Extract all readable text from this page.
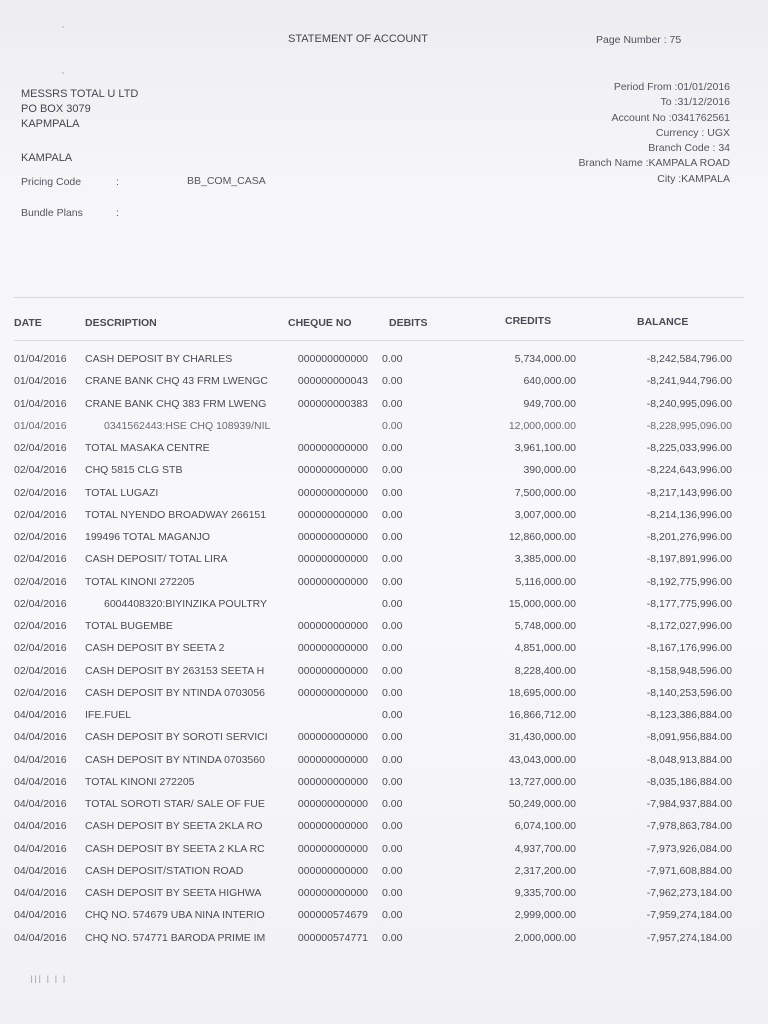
STATEMENT OF ACCOUNT	Page Number : 75
MESSRS TOTAL U LTD
PO BOX 3079
KAPMPALA
KAMPALA
Pricing Code	:	BB_COM_CASA
Bundle Plans	:
Period From :01/01/2016
To :31/12/2016
Account No :0341762561
Currency : UGX
Branch Code : 34
Branch Name :KAMPALA ROAD
City :KAMPALA
DATE	DESCRIPTION	CHEQUE NO	DEBITS	CREDITS	BALANCE
01/04/2016 CASH DEPOSIT BY CHARLES	000000000000 0.00	5,734,000.00	-8,242,584,796.00
01/04/2016 CRANE BANK CHQ 43 FRM LWENGC	000000000043 0.00	640,000.00	-8,241,944,796.00
01/04/2016 CRANE BANK CHQ 383 FRM LWENG	000000000383 0.00	949,700.00	-8,240,995,096.00
01/04/2016	0341562443:HSE CHQ 108939/NIL	0.00	12,000,000.00	-8,228,995,096.00
02/04/2016 TOTAL MASAKA CENTRE	000000000000 0.00	3,961,100.00	-8,225,033,996.00
02/04/2016 CHQ 5815 CLG STB	000000000000 0.00	390,000.00	-8,224,643,996.00
02/04/2016 TOTAL LUGAZI	000000000000 0.00	7,500,000.00	-8,217,143,996.00
02/04/2016 TOTAL NYENDO BROADWAY 266151	000000000000 0.00	3,007,000.00	-8,214,136,996.00
02/04/2016 199496 TOTAL MAGANJO	000000000000 0.00	12,860,000.00	-8,201,276,996.00
02/04/2016 CASH DEPOSIT/ TOTAL LIRA	000000000000 0.00	3,385,000.00	-8,197,891,996.00
02/04/2016 TOTAL KINONI 272205	000000000000 0.00	5,116,000.00	-8,192,775,996.00
02/04/2016	6004408320:BIYINZIKA POULTRY	0.00	15,000,000.00	-8,177,775,996.00
02/04/2016 TOTAL BUGEMBE	000000000000 0.00	5,748,000.00	-8,172,027,996.00
02/04/2016 CASH DEPOSIT BY SEETA 2	000000000000 0.00	4,851,000.00	-8,167,176,996.00
02/04/2016 CASH DEPOSIT BY 263153 SEETA H	000000000000 0.00	8,228,400.00	-8,158,948,596.00
02/04/2016 CASH DEPOSIT BY NTINDA 0703056	000000000000 0.00	18,695,000.00	-8,140,253,596.00
04/04/2016 IFE.FUEL	0.00	16,866,712.00	-8,123,386,884.00
04/04/2016 CASH DEPOSIT BY SOROTI SERVICI	000000000000 0.00	31,430,000.00	-8,091,956,884.00
04/04/2016 CASH DEPOSIT BY NTINDA 0703560	000000000000 0.00	43,043,000.00	-8,048,913,884.00
04/04/2016 TOTAL KINONI 272205	000000000000 0.00	13,727,000.00	-8,035,186,884.00
04/04/2016 TOTAL SOROTI STAR/ SALE OF FUE	000000000000 0.00	50,249,000.00	-7,984,937,884.00
04/04/2016 CASH DEPOSIT BY SEETA 2KLA RO	000000000000 0.00	6,074,100.00	-7,978,863,784.00
04/04/2016 CASH DEPOSIT BY SEETA 2 KLA RC	000000000000 0.00	4,937,700.00	-7,973,926,084.00
04/04/2016 CASH DEPOSIT/STATION ROAD	000000000000 0.00	2,317,200.00	-7,971,608,884.00
04/04/2016 CASH DEPOSIT BY SEETA HIGHWA	000000000000 0.00	9,335,700.00	-7,962,273,184.00
04/04/2016 CHQ NO. 574679 UBA NINA INTERIO	000000574679 0.00	2,999,000.00	-7,959,274,184.00
04/04/2016 CHQ NO. 574771 BARODA PRIME IM	000000574771 0.00	2,000,000.00	-7,957,274,184.00
III I I I
